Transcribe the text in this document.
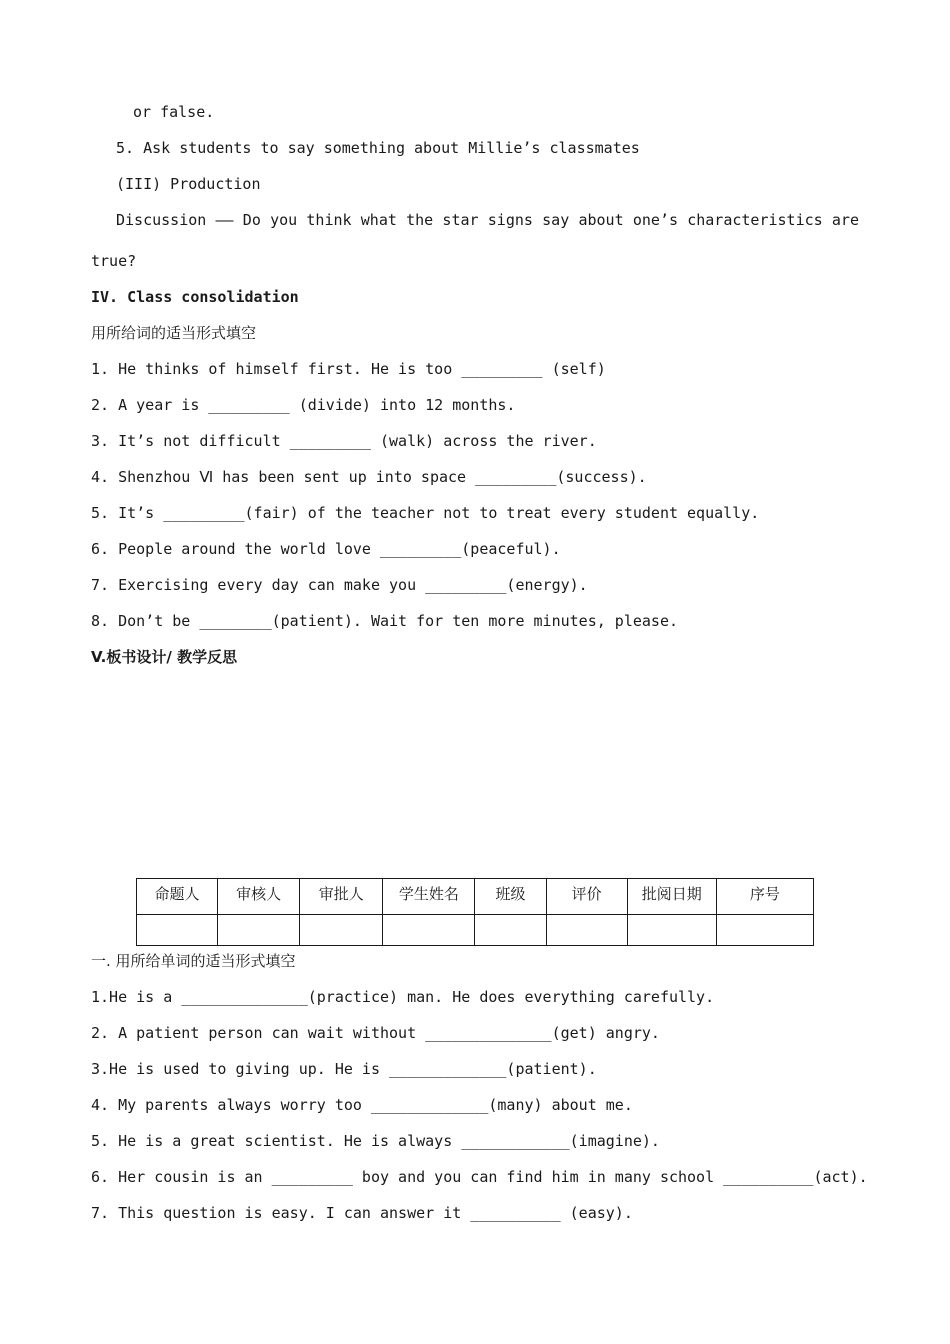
or false.
5. Ask students to say something about Millie’s classmates
(III) Production
Discussion —— Do you think what the star signs say about one’s characteristics are
true?
IV. Class consolidation
用所给词的适当形式填空
1. He thinks of himself first. He is too _________ (self)
2. A year is _________ (divide) into 12 months.
3. It’s not difficult _________ (walk) across the river.
4. Shenzhou Ⅵ has been sent up into space _________(success).
5. It’s _________(fair) of the teacher not to treat every student equally.
6. People around the world love _________(peaceful).
7. Exercising every day can make you _________(energy).
8. Don’t be ________(patient). Wait for ten more minutes, please.
V.板书设计/ 教学反思
命题人	审核人	审批人	学生姓名	班级	评价	批阅日期	序号

一. 用所给单词的适当形式填空
1.He is a ______________(practice) man. He does everything carefully.
2. A patient person can wait without ______________(get) angry.
3.He is used to giving up. He is _____________(patient).
4. My parents always worry too _____________(many) about me.
5. He is a great scientist. He is always ____________(imagine).
6. Her cousin is an _________ boy and you can find him in many school __________(act).
7. This question is easy. I can answer it __________ (easy).
